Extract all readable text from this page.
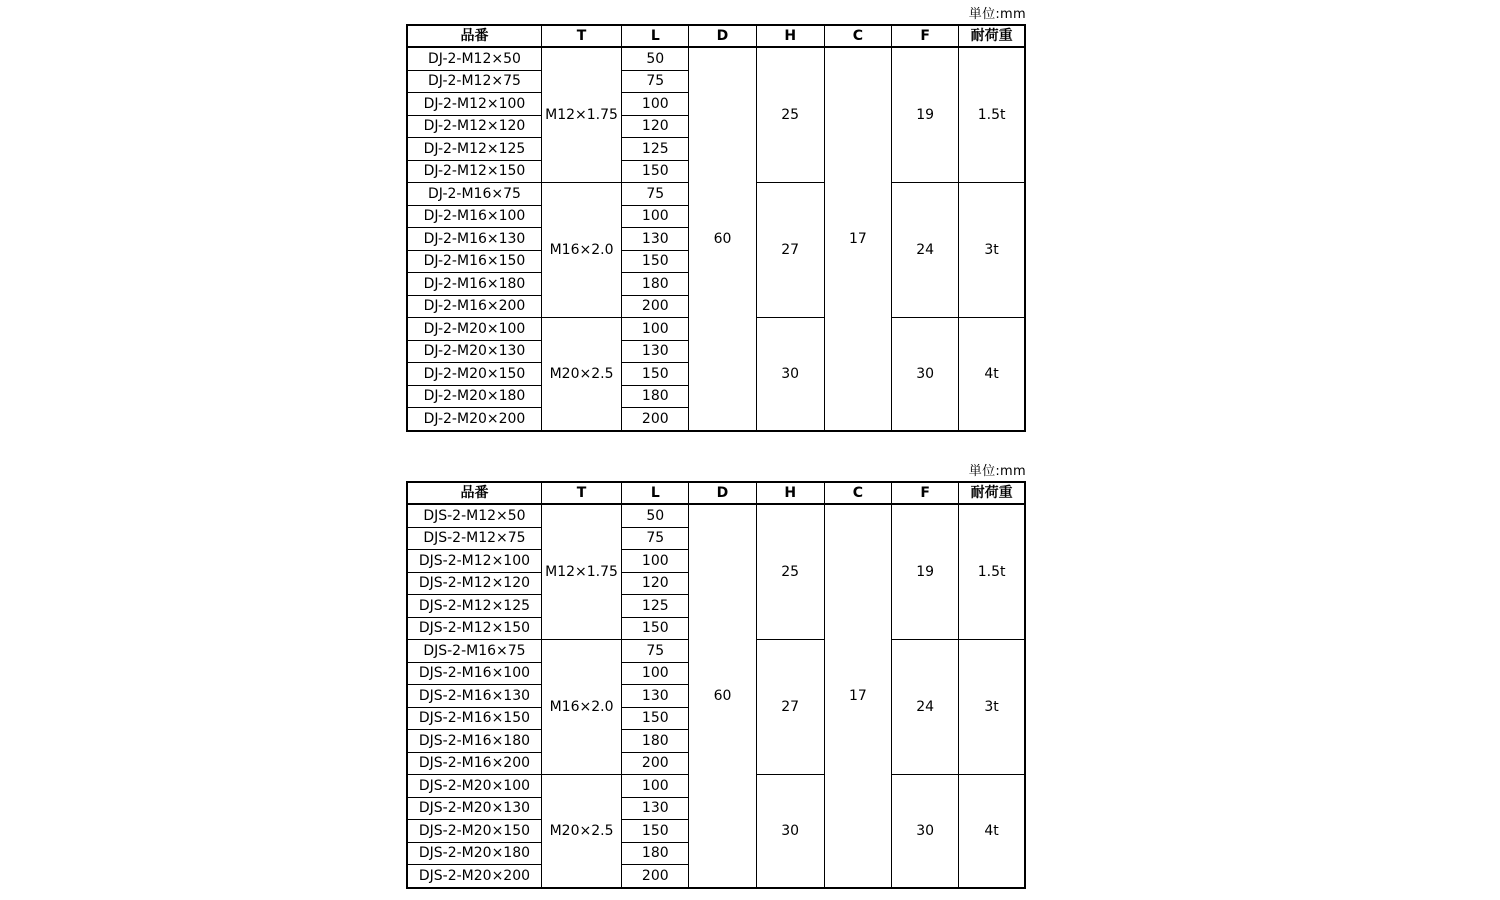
単位:mm
品番	T	L	D	H	C	F	耐荷重
DJ-2-M12×50	M12×1.75	50	60	25	17	19	1.5t
DJ-2-M12×75		75					
DJ-2-M12×100		100					
DJ-2-M12×120		120					
DJ-2-M12×125		125					
DJ-2-M12×150		150					
DJ-2-M16×75	M16×2.0	75		27		24	3t
DJ-2-M16×100		100					
DJ-2-M16×130		130					
DJ-2-M16×150		150					
DJ-2-M16×180		180					
DJ-2-M16×200		200					
DJ-2-M20×100	M20×2.5	100		30		30	4t
DJ-2-M20×130		130					
DJ-2-M20×150		150					
DJ-2-M20×180		180					
DJ-2-M20×200		200					
単位:mm
品番	T	L	D	H	C	F	耐荷重
DJS-2-M12×50	M12×1.75	50	60	25	17	19	1.5t
DJS-2-M12×75		75					
DJS-2-M12×100		100					
DJS-2-M12×120		120					
DJS-2-M12×125		125					
DJS-2-M12×150		150					
DJS-2-M16×75	M16×2.0	75		27		24	3t
DJS-2-M16×100		100					
DJS-2-M16×130		130					
DJS-2-M16×150		150					
DJS-2-M16×180		180					
DJS-2-M16×200		200					
DJS-2-M20×100	M20×2.5	100		30		30	4t
DJS-2-M20×130		130					
DJS-2-M20×150		150					
DJS-2-M20×180		180					
DJS-2-M20×200		200					
